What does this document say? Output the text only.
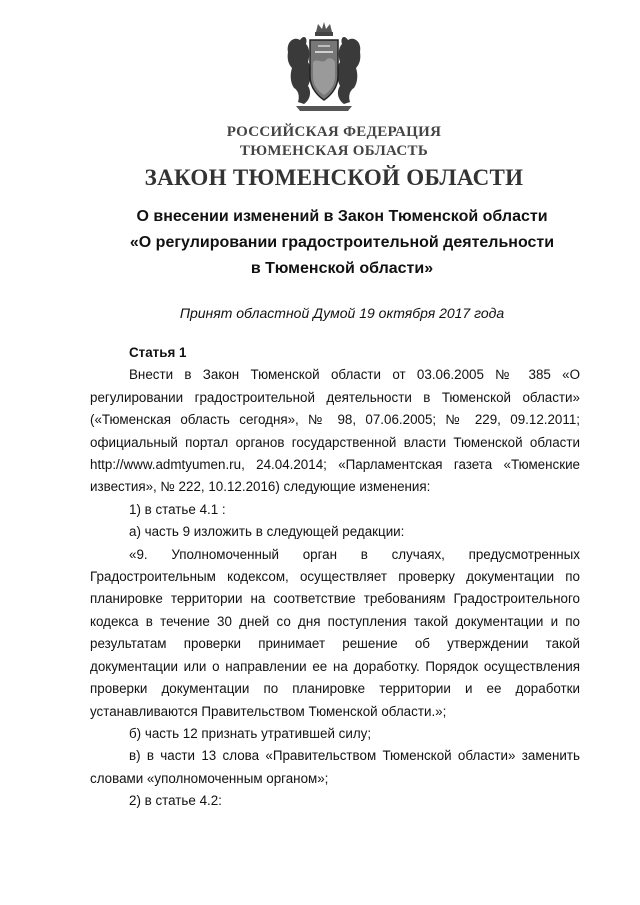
РОССИЙСКАЯ ФЕДЕРАЦИЯ
ТЮМЕНСКАЯ ОБЛАСТЬ
ЗАКОН ТЮМЕНСКОЙ ОБЛАСТИ
О внесении изменений в Закон Тюменской области
«О регулировании градостроительной деятельности
в Тюменской области»
Принят областной Думой 19 октября 2017 года
Статья 1

Внести в Закон Тюменской области от 03.06.2005 № 385 «О регулировании градостроительной деятельности в Тюменской области» («Тюменская область сегодня», № 98, 07.06.2005; № 229, 09.12.2011; официальный портал органов государственной власти Тюменской области http://www.admtyumen.ru, 24.04.2014; «Парламентская газета «Тюменские известия», № 222, 10.12.2016) следующие изменения:

1) в статье 4.1 :

а) часть 9 изложить в следующей редакции:

«9. Уполномоченный орган в случаях, предусмотренных Градостроительным кодексом, осуществляет проверку документации по планировке территории на соответствие требованиям Градостроительного кодекса в течение 30 дней со дня поступления такой документации и по результатам проверки принимает решение об утверждении такой документации или о направлении ее на доработку. Порядок осуществления проверки документации по планировке территории и ее доработки устанавливаются Правительством Тюменской области.»;

б) часть 12 признать утратившей силу;

в) в части 13 слова «Правительством Тюменской области» заменить словами «уполномоченным органом»;

2) в статье 4.2:
